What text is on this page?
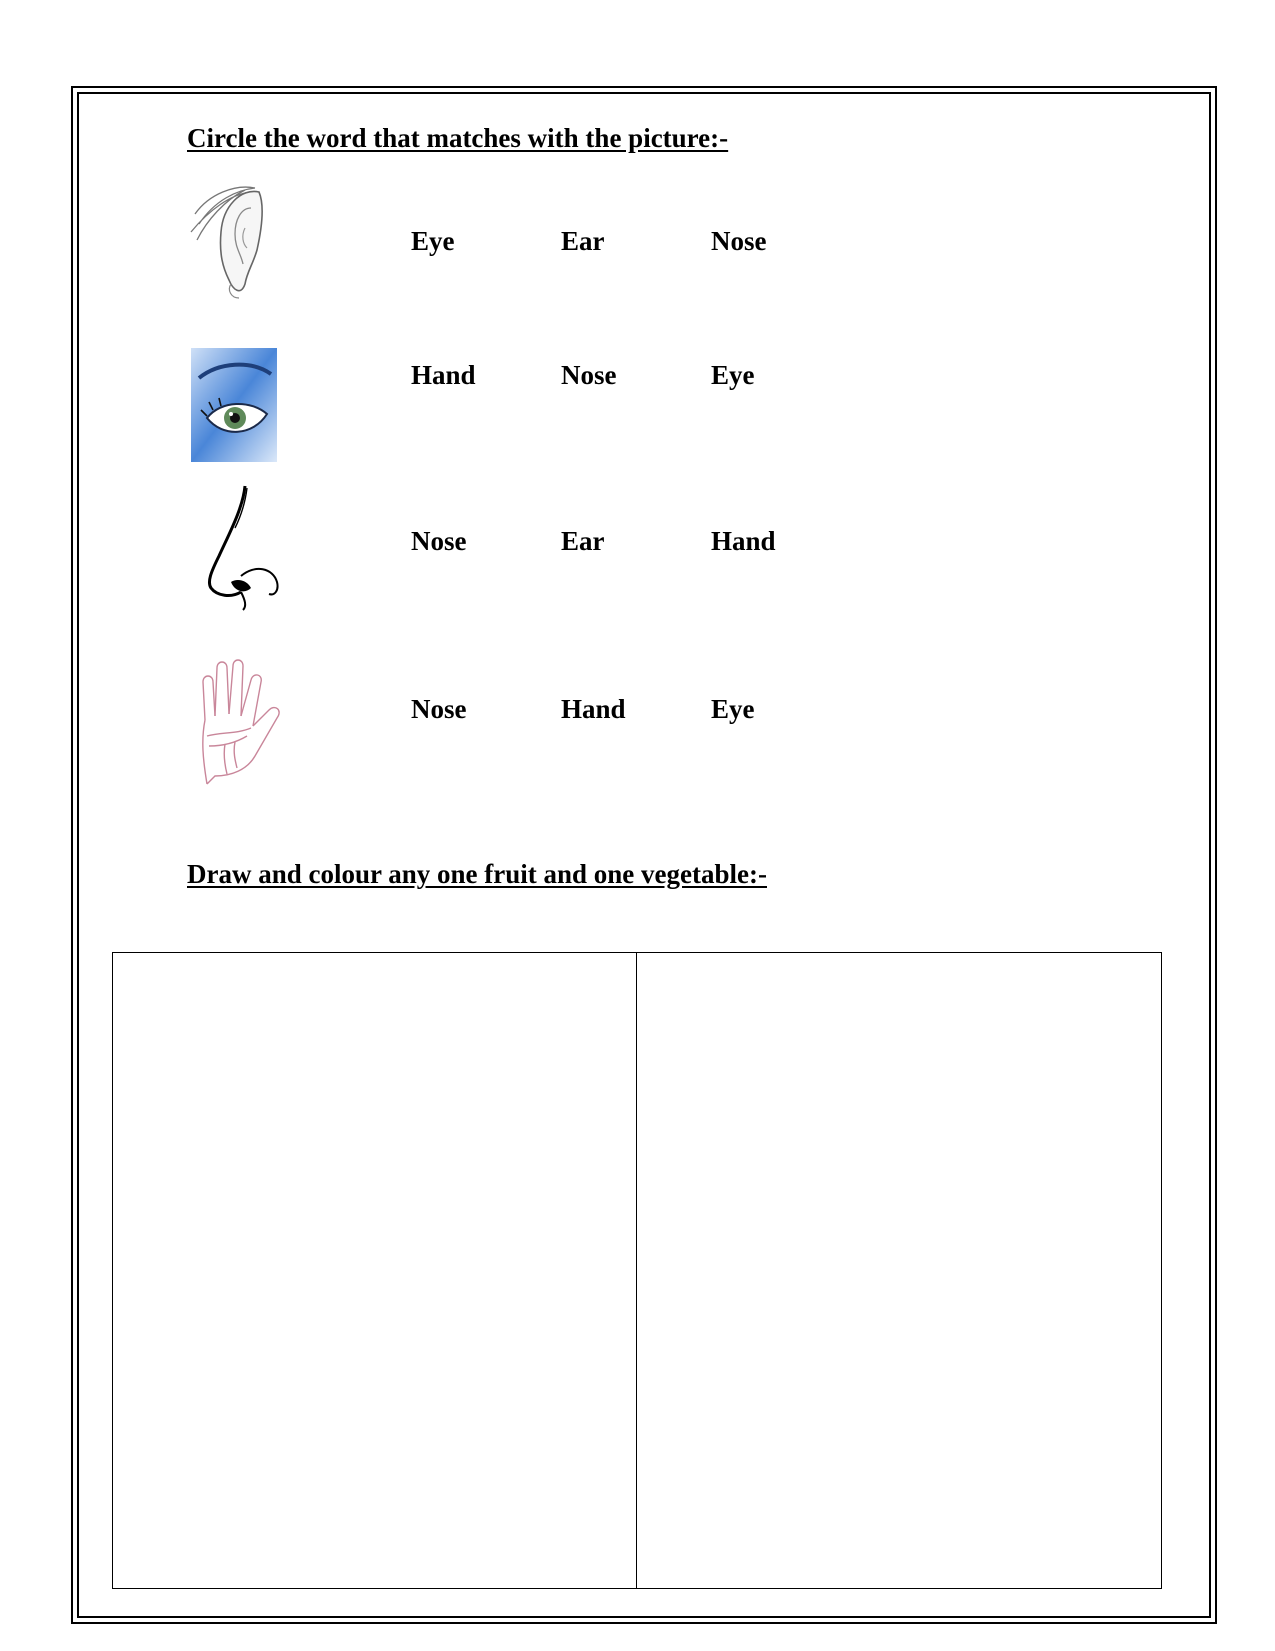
Circle the word that matches with the picture:-
Eye	Ear	Nose
Hand	Nose	Eye
Nose	Ear	Hand
Nose	Hand	Eye
Draw and colour any one fruit and one vegetable:-
